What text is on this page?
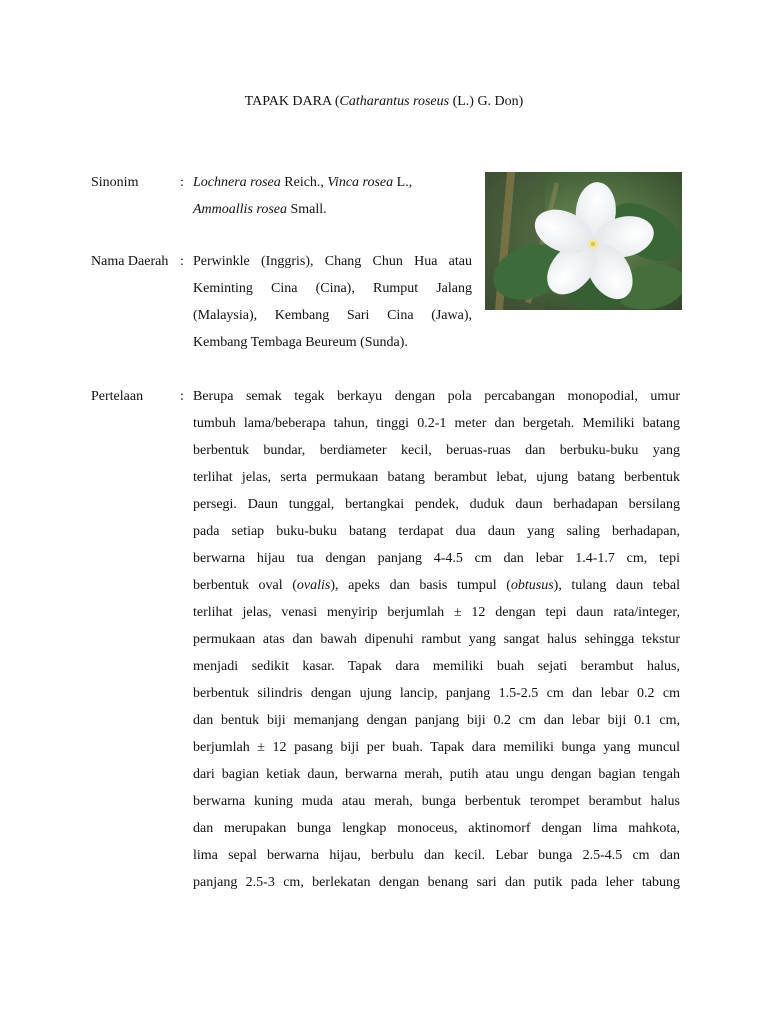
TAPAK DARA (Catharantus roseus (L.) G. Don)
Sinonim	: Lochnera rosea Reich., Vinca rosea L.,
Ammoallis rosea Small.
Nama Daerah : Perwinkle (Inggris), Chang Chun Hua atau
Keminting Cina (Cina), Rumput Jalang
(Malaysia), Kembang Sari Cina (Jawa),
Kembang Tembaga Beureum (Sunda).
Pertelaan	: Berupa semak tegak berkayu dengan pola percabangan monopodial, umur
tumbuh lama/beberapa tahun, tinggi 0.2-1 meter dan bergetah. Memiliki batang
berbentuk bundar, berdiameter kecil, beruas-ruas dan berbuku-buku yang
terlihat jelas, serta permukaan batang berambut lebat, ujung batang berbentuk
persegi. Daun tunggal, bertangkai pendek, duduk daun berhadapan bersilang
pada setiap buku-buku batang terdapat dua daun yang saling berhadapan,
berwarna hijau tua dengan panjang 4-4.5 cm dan lebar 1.4-1.7 cm, tepi
berbentuk oval (ovalis), apeks dan basis tumpul (obtusus), tulang daun tebal
terlihat jelas, venasi menyirip berjumlah ± 12 dengan tepi daun rata/integer,
permukaan atas dan bawah dipenuhi rambut yang sangat halus sehingga tekstur
menjadi sedikit kasar. Tapak dara memiliki buah sejati berambut halus,
berbentuk silindris dengan ujung lancip, panjang 1.5-2.5 cm dan lebar 0.2 cm
dan bentuk biji memanjang dengan panjang biji 0.2 cm dan lebar biji 0.1 cm,
berjumlah ± 12 pasang biji per buah. Tapak dara memiliki bunga yang muncul
dari bagian ketiak daun, berwarna merah, putih atau ungu dengan bagian tengah
berwarna kuning muda atau merah, bunga berbentuk terompet berambut halus
dan merupakan bunga lengkap monoceus, aktinomorf dengan lima mahkota,
lima sepal berwarna hijau, berbulu dan kecil. Lebar bunga 2.5-4.5 cm dan
panjang 2.5-3 cm, berlekatan dengan benang sari dan putik pada leher tabung
